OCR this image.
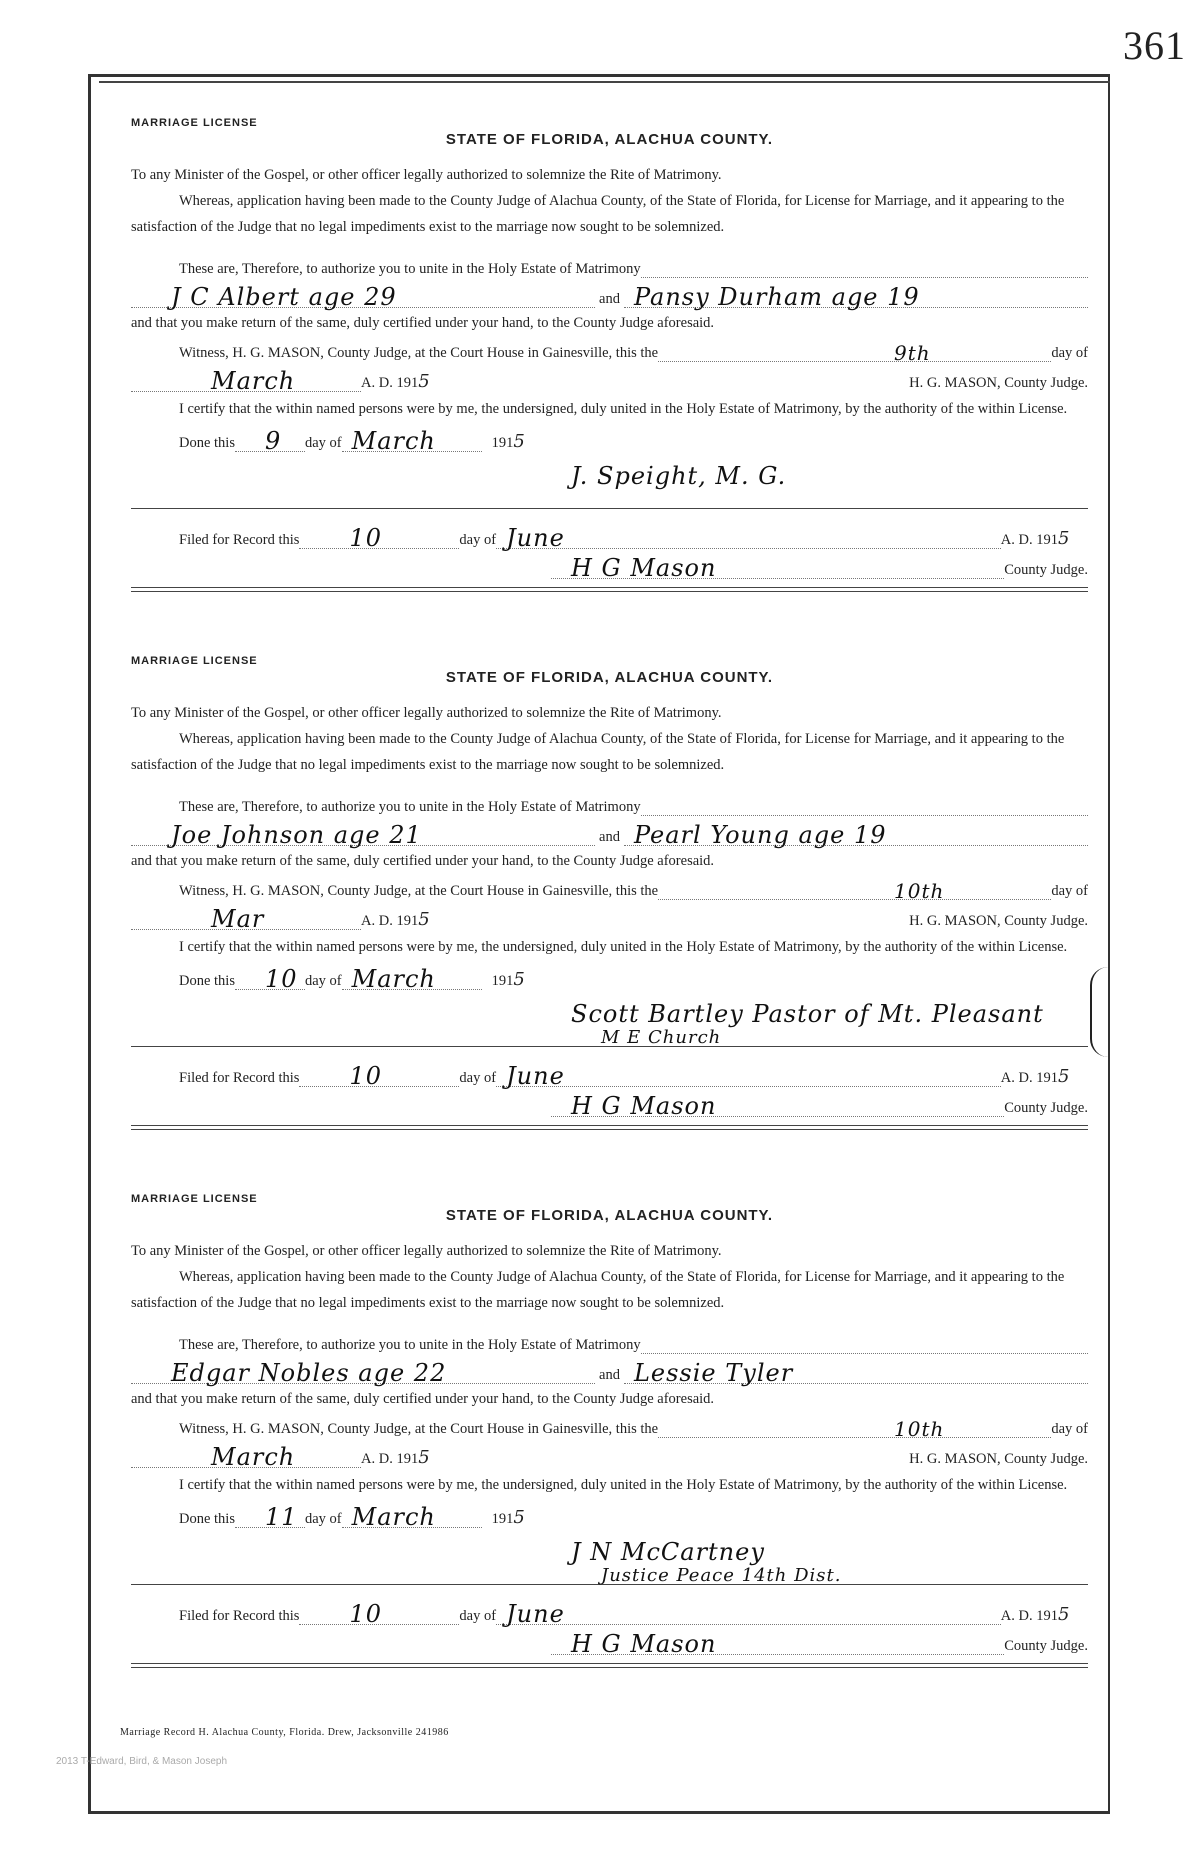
361
MARRIAGE LICENSE
STATE OF FLORIDA, ALACHUA COUNTY.

To any Minister of the Gospel, or other officer legally authorized to solemnize the Rite of Matrimony.

Whereas, application having been made to the County Judge of Alachua County, of the State of Florida, for License for Marriage, and it appearing to the satisfaction of the Judge that no legal impediments exist to the marriage now sought to be solemnized.

These are, Therefore, to authorize you to unite in the Holy Estate of Matrimony
J C Albert age 29	and Pansy Durham age 19

and that you make return of the same, duly certified under your hand, to the County Judge aforesaid.

Witness, H. G. MASON, County Judge, at the Court House in Gainesville, this the	9th	day of
March	A. D. 191 5	H. G. MASON, County Judge.

I certify that the within named persons were by me, the undersigned, duly united in the Holy Estate of Matrimony, by the authority of the within License.

Done this 9 day of March	191 5
J. Speight, M. G.
Filed for Record this 10	day of June	A. D. 191 5
H G Mason	County Judge.
MARRIAGE LICENSE
STATE OF FLORIDA, ALACHUA COUNTY.

To any Minister of the Gospel, or other officer legally authorized to solemnize the Rite of Matrimony.

Whereas, application having been made to the County Judge of Alachua County, of the State of Florida, for License for Marriage, and it appearing to the satisfaction of the Judge that no legal impediments exist to the marriage now sought to be solemnized.

These are, Therefore, to authorize you to unite in the Holy Estate of Matrimony
Joe Johnson age 21	and Pearl Young age 19

and that you make return of the same, duly certified under your hand, to the County Judge aforesaid.

Witness, H. G. MASON, County Judge, at the Court House in Gainesville, this the	10th	day of
Mar	A. D. 191 5	H. G. MASON, County Judge.

I certify that the within named persons were by me, the undersigned, duly united in the Holy Estate of Matrimony, by the authority of the within License.

Done this 10 day of March	191 5
Scott Bartley Pastor of Mt. Pleasant
M E Church
Filed for Record this 10	day of June	A. D. 191 5
H G Mason	County Judge.
MARRIAGE LICENSE
STATE OF FLORIDA, ALACHUA COUNTY.

To any Minister of the Gospel, or other officer legally authorized to solemnize the Rite of Matrimony.

Whereas, application having been made to the County Judge of Alachua County, of the State of Florida, for License for Marriage, and it appearing to the satisfaction of the Judge that no legal impediments exist to the marriage now sought to be solemnized.

These are, Therefore, to authorize you to unite in the Holy Estate of Matrimony
Edgar Nobles age 22	and Lessie Tyler

and that you make return of the same, duly certified under your hand, to the County Judge aforesaid.

Witness, H. G. MASON, County Judge, at the Court House in Gainesville, this the	10th	day of
March	A. D. 191 5	H. G. MASON, County Judge.

I certify that the within named persons were by me, the undersigned, duly united in the Holy Estate of Matrimony, by the authority of the within License.

Done this 11 day of March	191 5
J N McCartney
Justice Peace 14th Dist.
Filed for Record this 10	day of June	A. D. 191 5
H G Mason	County Judge.
Marriage Record H. Alachua County, Florida. Drew, Jacksonville 241986
2013 T-Edward, Bird, & Mason Joseph
